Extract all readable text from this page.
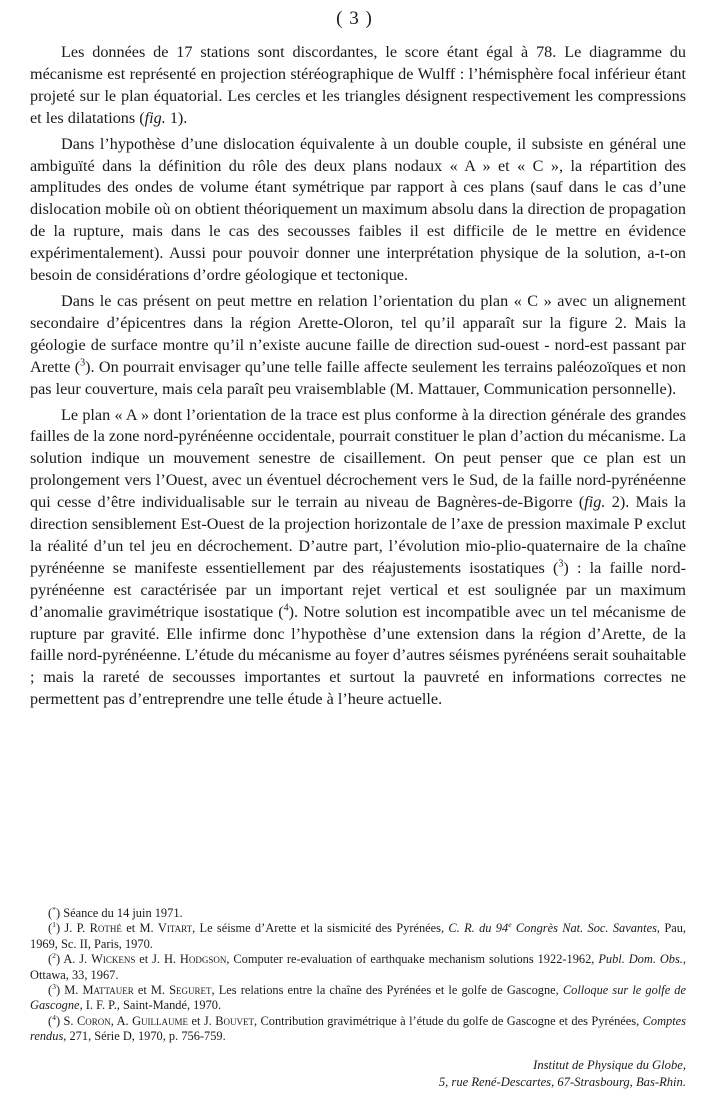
( 3 )

Les données de 17 stations sont discordantes, le score étant égal à 78. Le diagramme du mécanisme est représenté en projection stéréographique de Wulff : l’hémisphère focal inférieur étant projeté sur le plan équatorial. Les cercles et les triangles désignent respectivement les compressions et les dilatations (fig. 1).

Dans l’hypothèse d’une dislocation équivalente à un double couple, il subsiste en général une ambiguïté dans la définition du rôle des deux plans nodaux « A » et « C », la répartition des amplitudes des ondes de volume étant symétrique par rapport à ces plans (sauf dans le cas d’une dislocation mobile où on obtient théoriquement un maximum absolu dans la direction de propagation de la rupture, mais dans le cas des secousses faibles il est difficile de le mettre en évidence expérimentalement). Aussi pour pouvoir donner une interprétation physique de la solution, a-t-on besoin de considérations d’ordre géologique et tectonique.

Dans le cas présent on peut mettre en relation l’orientation du plan « C » avec un alignement secondaire d’épicentres dans la région Arette-Oloron, tel qu’il apparaît sur la figure 2. Mais la géologie de surface montre qu’il n’existe aucune faille de direction sud-ouest - nord-est passant par Arette ($^3$). On pourrait envisager qu’une telle faille affecte seulement les terrains paléozoïques et non pas leur couverture, mais cela paraît peu vraisemblable (M. Mattauer, Communication personnelle).

Le plan « A » dont l’orientation de la trace est plus conforme à la direction générale des grandes failles de la zone nord-pyrénéenne occidentale, pourrait constituer le plan d’action du mécanisme. La solution indique un mouvement senestre de cisaillement. On peut penser que ce plan est un prolongement vers l’Ouest, avec un éventuel décrochement vers le Sud, de la faille nord-pyrénéenne qui cesse d’être individualisable sur le terrain au niveau de Bagnères-de-Bigorre (fig. 2). Mais la direction sensiblement Est-Ouest de la projection horizontale de l’axe de pression maximale P exclut la réalité d’un tel jeu en décrochement. D’autre part, l’évolution mio-plio-quaternaire de la chaîne pyrénéenne se manifeste essentiellement par des réajustements isostatiques ($^3$) : la faille nord-pyrénéenne est caractérisée par un important rejet vertical et est soulignée par un maximum d’anomalie gravimétrique isostatique ($^4$). Notre solution est incompatible avec un tel mécanisme de rupture par gravité. Elle infirme donc l’hypothèse d’une extension dans la région d’Arette, de la faille nord-pyrénéenne. L’étude du mécanisme au foyer d’autres séismes pyrénéens serait souhaitable ; mais la rareté de secousses importantes et surtout la pauvreté en informations correctes ne permettent pas d’entreprendre une telle étude à l’heure actuelle.

(*) Séance du 14 juin 1971.

($^1$) J. P. Rothé et M. Vitart, Le séisme d’Arette et la sismicité des Pyrénées, C. R. du 94e Congrès Nat. Soc. Savantes, Pau, 1969, Sc. II, Paris, 1970.

($^2$) A. J. Wickens et J. H. Hodgson, Computer re-evaluation of earthquake mechanism solutions 1922-1962, Publ. Dom. Obs., Ottawa, 33, 1967.

($^3$) M. Mattauer et M. Seguret, Les relations entre la chaîne des Pyrénées et le golfe de Gascogne, Colloque sur le golfe de Gascogne, I. F. P., Saint-Mandé, 1970.

($^4$) S. Coron, A. Guillaume et J. Bouvet, Contribution gravimétrique à l’étude du golfe de Gascogne et des Pyrénées, Comptes rendus, 271, Série D, 1970, p. 756-759.

Institut de Physique du Globe,
5, rue René-Descartes, 67-Strasbourg, Bas-Rhin.
